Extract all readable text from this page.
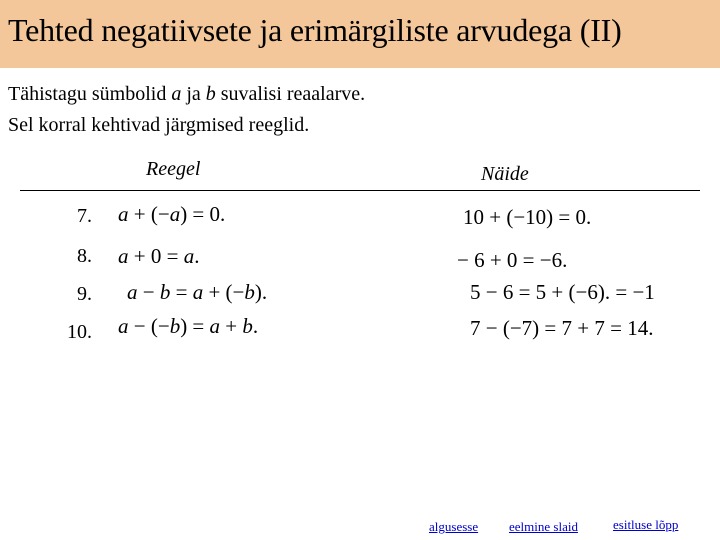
Tehted negatiivsete ja erimärgiliste arvudega (II)
Tähistagu sümbolid a ja b suvalisi reaalarve.
Sel korral kehtivad järgmised reeglid.
Reegel	Näide
7. a + (−a) = 0.	10 + (−10) = 0.
8. a + 0 = a.	− 6 + 0 = −6.
9. a − b = a + (−b).	5 − 6 = 5 + (−6). = −1
10. a − (−b) = a + b.	7 − (−7) = 7 + 7 = 14.
algusesse eelmine slaid	esitluse lõpp
